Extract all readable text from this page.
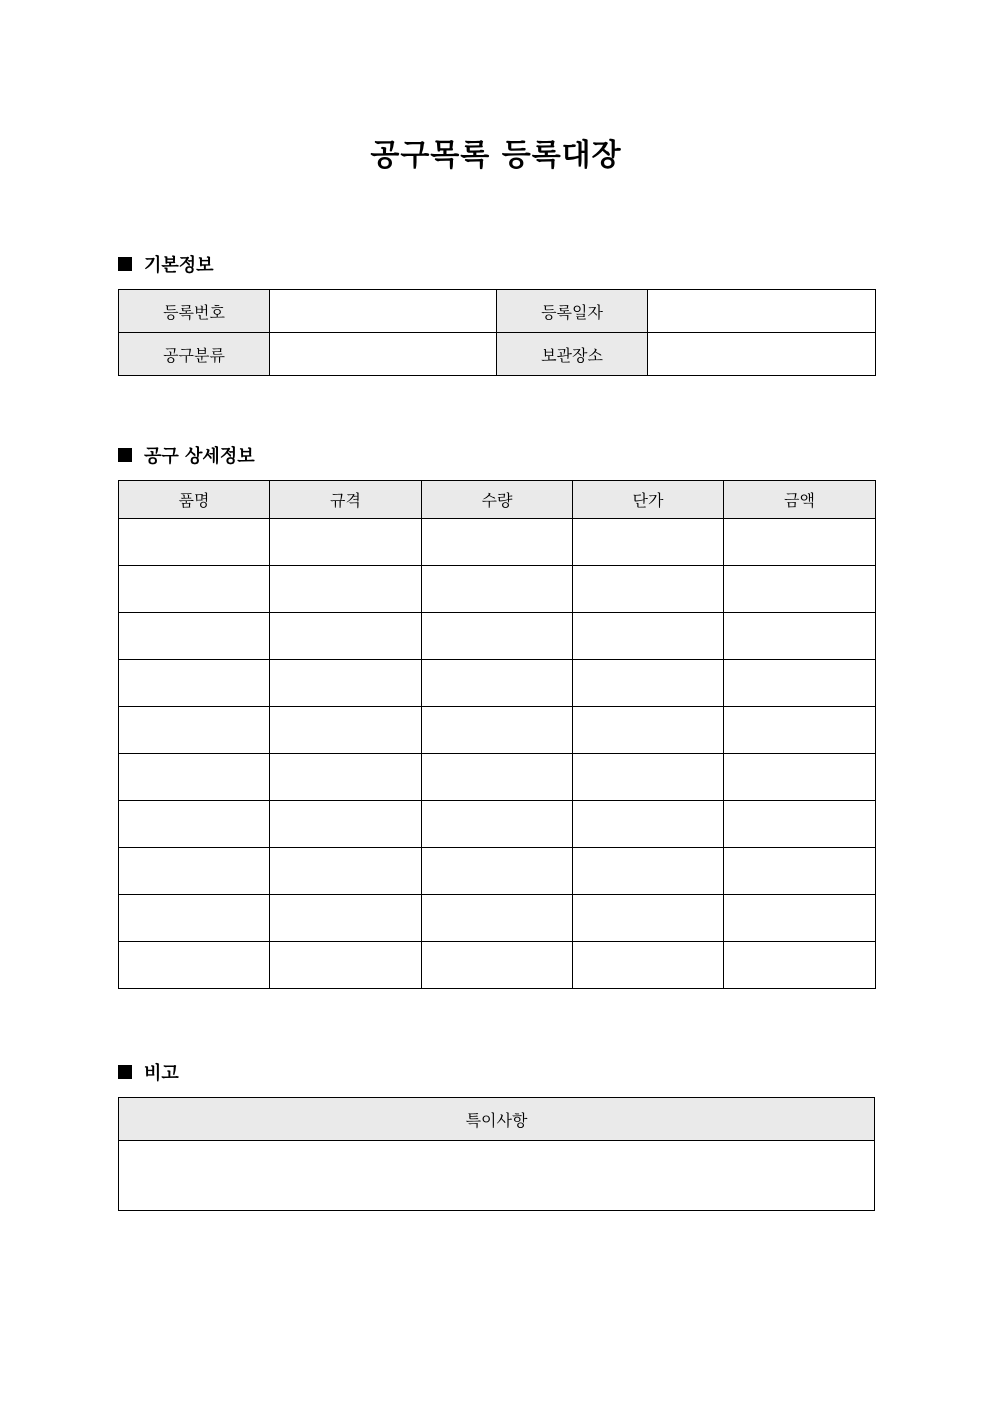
공구목록 등록대장
기본정보
등록번호		등록일자	
공구분류		보관장소	
공구 상세정보
품명	규격	수량	단가	금액

비고
특이사항
